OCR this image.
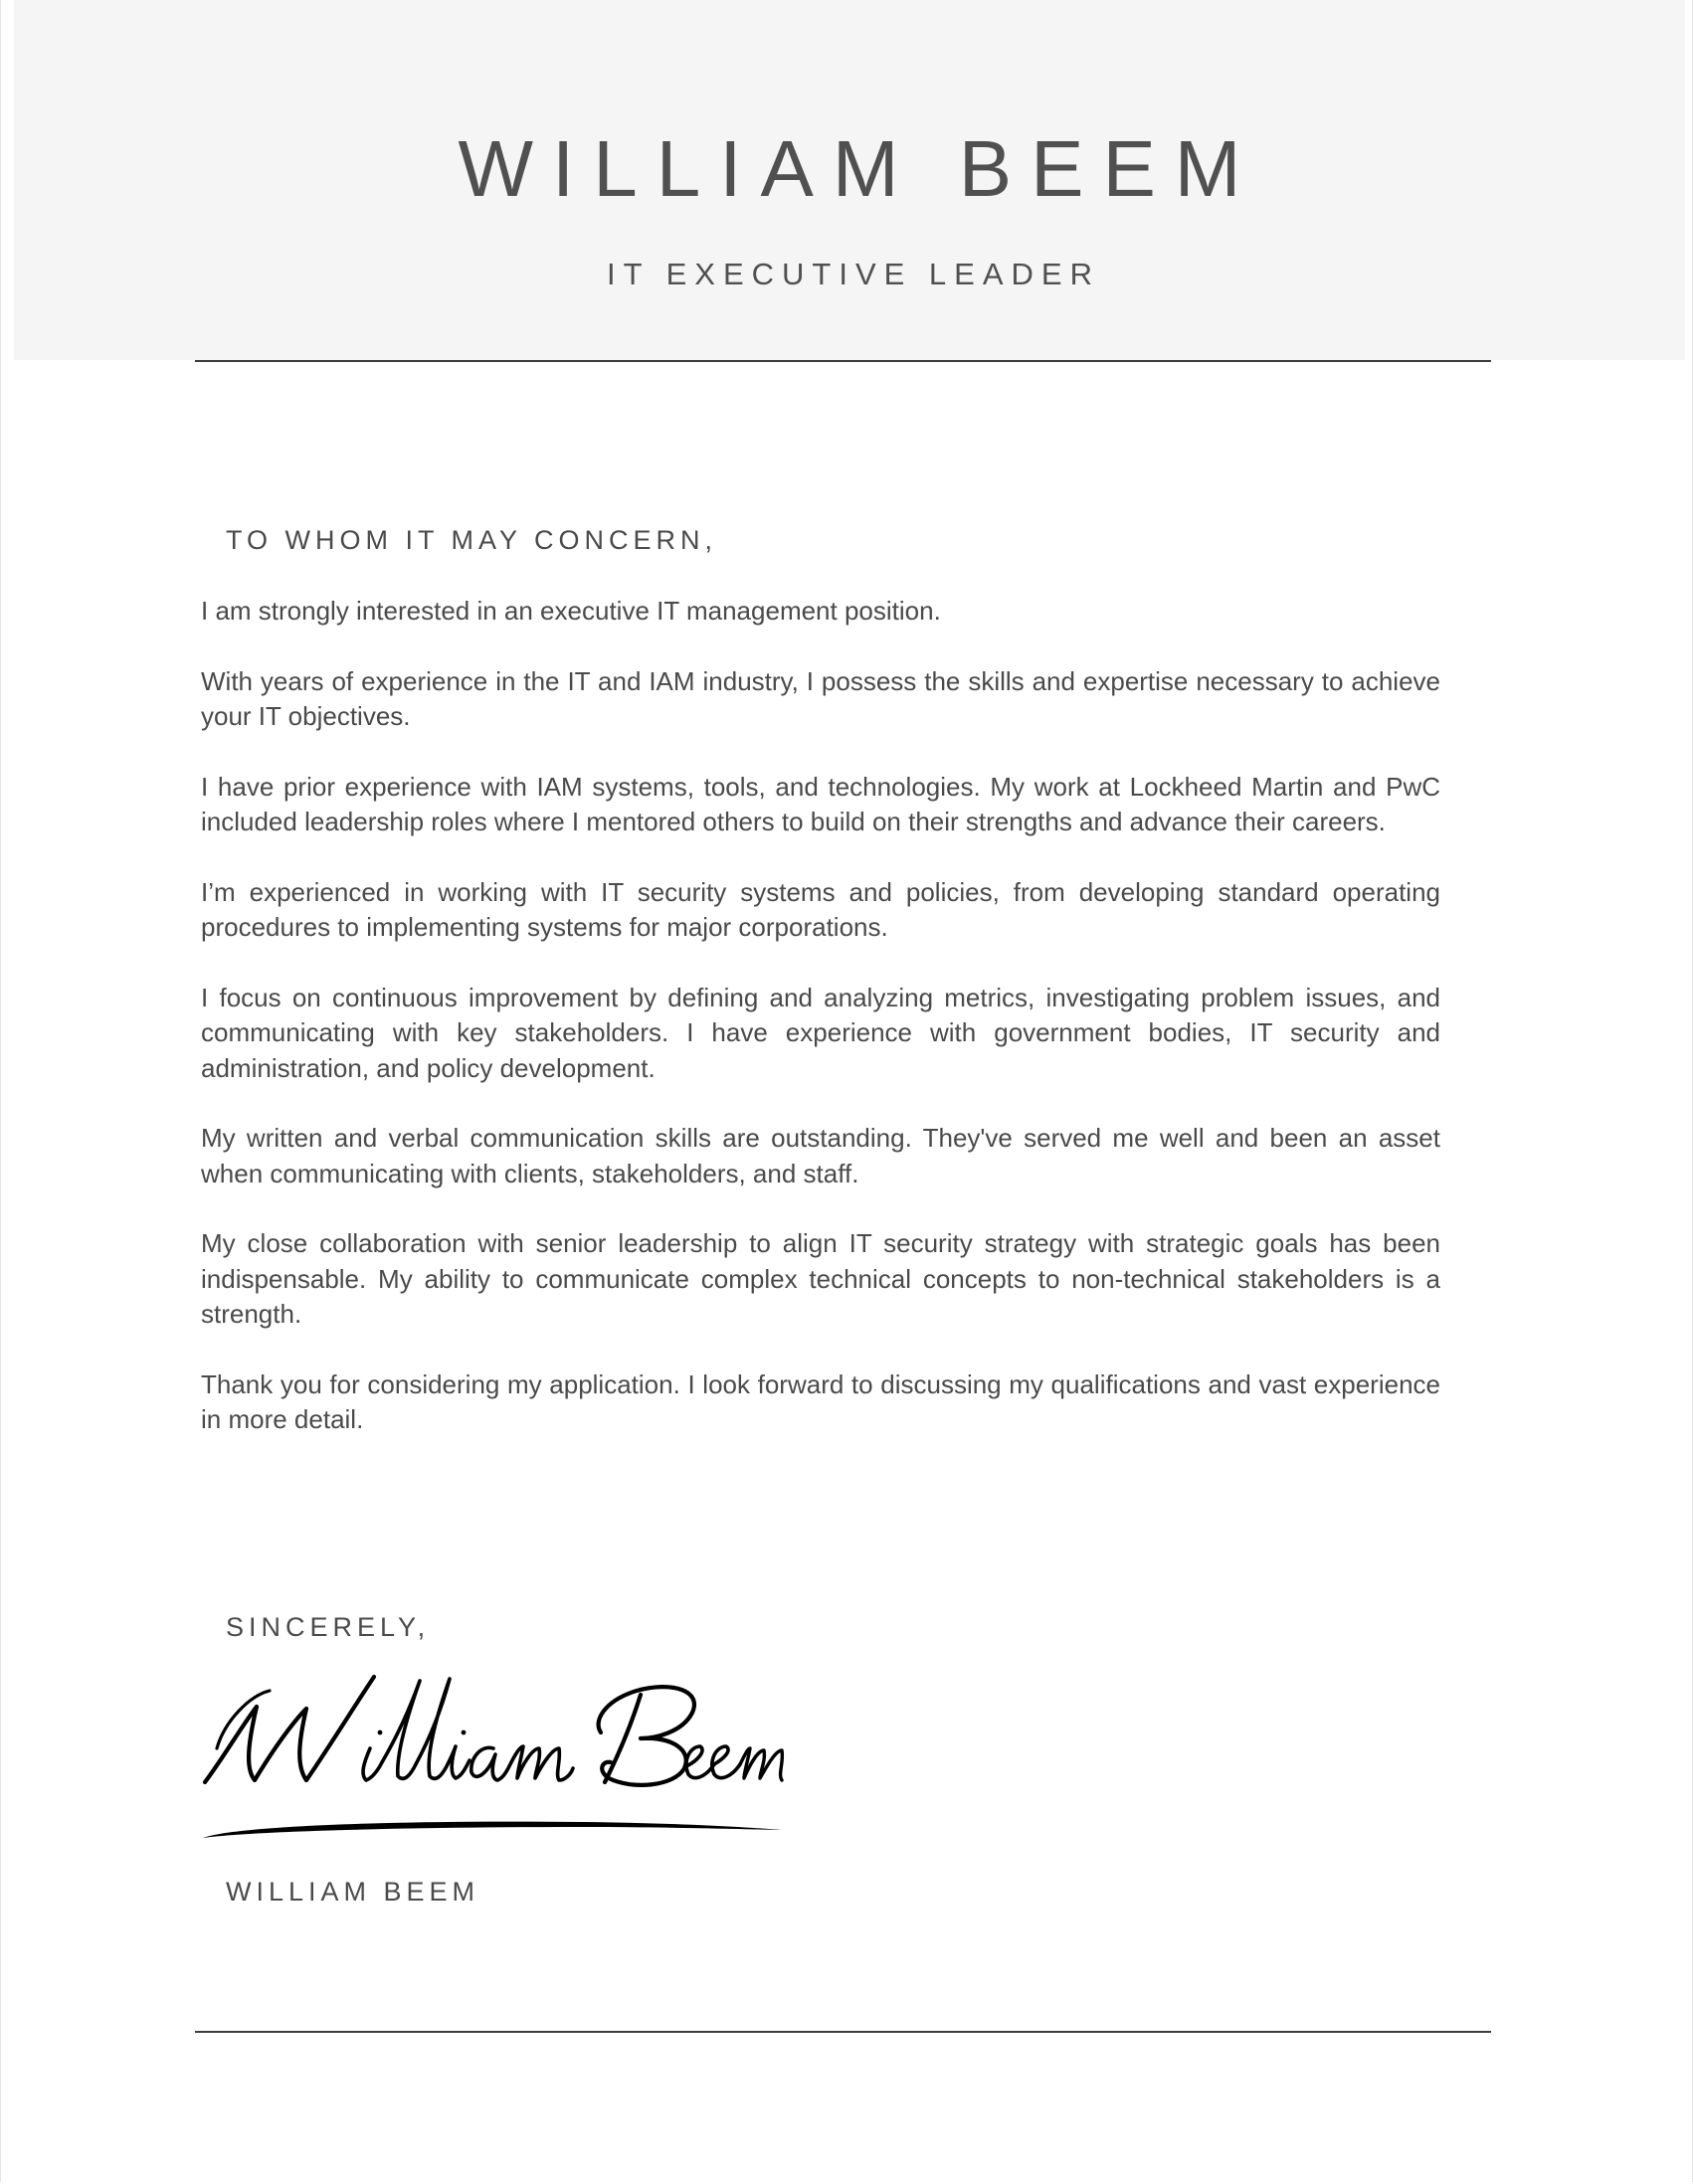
WILLIAM BEEM
IT EXECUTIVE LEADER
TO WHOM IT MAY CONCERN,

I am strongly interested in an executive IT management position.

With years of experience in the IT and IAM industry, I possess the skills and expertise necessary to achieve your IT objectives.

I have prior experience with IAM systems, tools, and technologies. My work at Lockheed Martin and PwC included leadership roles where I mentored others to build on their strengths and advance their careers.

I’m experienced in working with IT security systems and policies, from developing standard operating procedures to implementing systems for major corporations.

I focus on continuous improvement by defining and analyzing metrics, investigating problem issues, and communicating with key stakeholders. I have experience with government bodies, IT security and administration, and policy development.

My written and verbal communication skills are outstanding. They've served me well and been an asset when communicating with clients, stakeholders, and staff.

My close collaboration with senior leadership to align IT security strategy with strategic goals has been indispensable. My ability to communicate complex technical concepts to non-technical stakeholders is a strength.

Thank you for considering my application. I look forward to discussing my qualifications and vast experience in more detail.

SINCERELY,
WILLIAM BEEM
